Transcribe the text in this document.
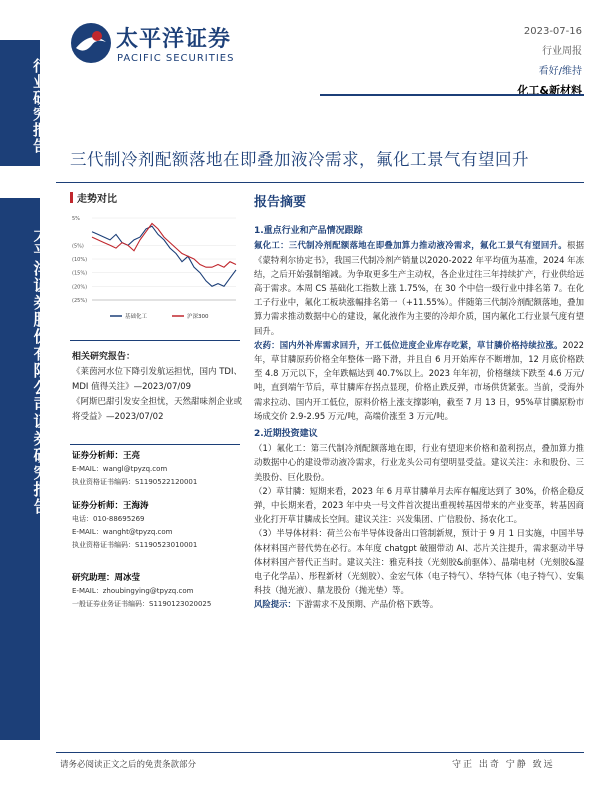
行业研究报告
太平洋证券股份有限公司证券研究报告
太平洋证券
PACIFIC SECURITIES
2023-07-16
行业周报
看好/维持
化工&新材料
三代制冷剂配额落地在即叠加液冷需求，氟化工景气有望回升
走势对比
5%
(5%)
(10%)
(15%)
(20%)
(25%)
基础化工	沪深300
相关研究报告：
《莱茵河水位下降引发航运担忧，国内 TDI、MDI 值得关注》—2023/07/09
《阿斯巴甜引发安全担忧，天然甜味剂企业或将受益》—2023/07/02
证券分析师：王亮
E-MAIL：wangl@tpyzq.com
执业资格证书编码：S1190522120001
证券分析师：王海涛
电话：010-88695269
E-MAIL：wanght@tpyzq.com
执业资格证书编码：S1190523010001
研究助理：周冰莹
E-MAIL：zhoubingying@tpyzq.com
一般证券业务证书编码：S1190123020025
报告摘要
1.重点行业和产品情况跟踪

氟化工：三代制冷剂配额落地在即叠加算力推动液冷需求，氟化工景气有望回升。根据《蒙特利尔协定书》，我国三代制冷剂产销量以2020-2022 年平均值为基准，2024 年冻结，之后开始强制缩减。为争取更多生产主动权，各企业过往三年持续扩产，行业供给远高于需求。本周 CS 基础化工指数上涨 1.75%，在 30 个中信一级行业中排名第 7。在化工子行业中，氟化工板块涨幅排名第一（+11.55%）。伴随第三代制冷剂配额落地，叠加算力需求推动数据中心的建设，氟化液作为主要的冷却介质，国内氟化工行业景气度有望回升。

农药：国内外补库需求回升，开工低位进度企业库存吃紧，草甘膦价格持续拉涨。2022 年，草甘膦原药价格全年整体一路下滑，并且自 6 月开始库存不断增加，12 月底价格跌至 4.8 万元以下，全年跌幅达到 40.7%以上。2023 年年初，价格继续下跌至 4.6 万元/吨，直到端午节后，草甘膦库存拐点显现，价格止跌反弹，市场供货紧张。当前，受海外需求拉动、国内开工低位，原料价格上涨支撑影响，截至 7 月 13 日，95%草甘膦原粉市场成交价 2.9-2.95 万元/吨，高端价涨至 3 万元/吨。

2.近期投资建议

（1）氟化工：第三代制冷剂配额落地在即，行业有望迎来价格和盈利拐点，叠加算力推动数据中心的建设带动液冷需求，行业龙头公司有望明显受益。建议关注：永和股份、三美股份、巨化股份。

（2）草甘膦：短期来看，2023 年 6 月草甘膦单月去库存幅度达到了 30%，价格企稳反弹，中长期来看，2023 年中央一号文件首次提出重视转基因带来的产业变革，转基因商业化打开草甘膦成长空间。建议关注：兴发集团、广信股份、扬农化工。

（3）半导体材料：荷兰公布半导体设备出口管制新规，预计于 9 月 1 日实施，中国半导体材料国产替代势在必行。本年度 chatgpt 破圈带动 AI、芯片关注提升，需求驱动半导体材料国产替代正当时。建议关注：雅克科技（光刻胶&前驱体）、晶瑞电材（光刻胶&湿电子化学品）、彤程新材（光刻胶）、金宏气体（电子特气）、华特气体（电子特气）、安集科技（抛光液）、鼎龙股份（抛光垫）等。

风险提示：下游需求不及预期、产品价格下跌等。

请务必阅读正文之后的免责条款部分	守正 出奇 宁静 致远
